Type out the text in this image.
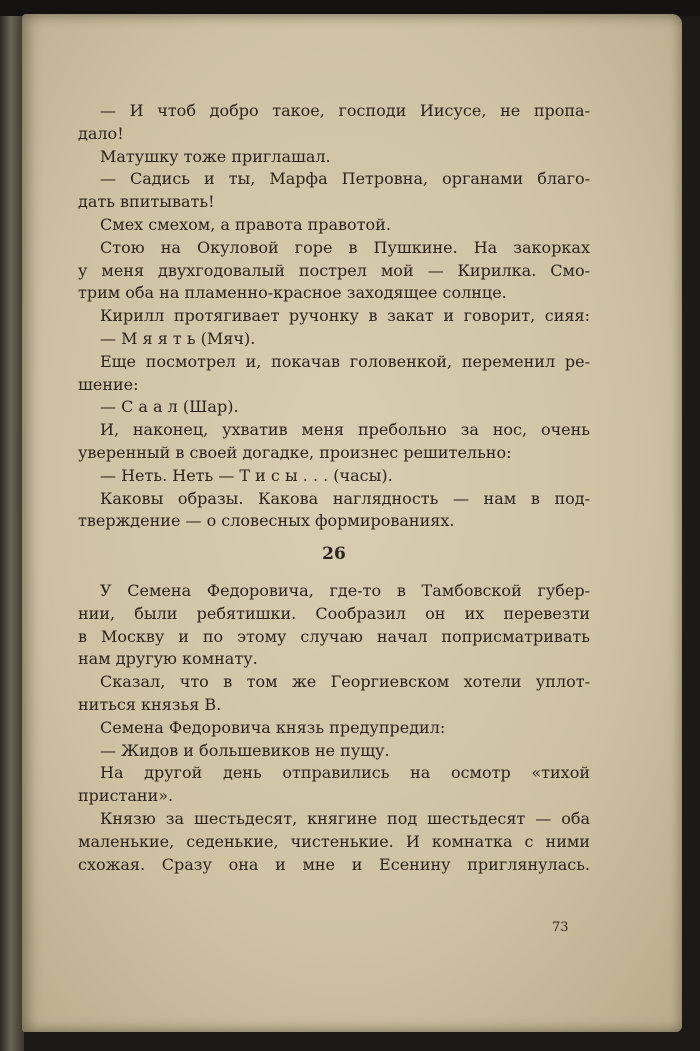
— И чтоб добро такое, господи Иисусе, не пропа-
дало!
Матушку тоже приглашал.
— Садись и ты, Марфа Петровна, органами благо-
дать впитывать!
Смех смехом, а правота правотой.
Стою на Окуловой горе в Пушкине. На закорках
у меня двухгодовалый пострел мой — Кирилка. Смо-
трим оба на пламенно-красное заходящее солнце.
Кирилл протягивает ручонку в закат и говорит, сияя:
— М я я т ь (Мяч).
Еще посмотрел и, покачав головенкой, переменил ре-
шение:
— С а а л (Шар).
И, наконец, ухватив меня пребольно за нос, очень
уверенный в своей догадке, произнес решительно:
— Неть. Неть — Т и с ы . . . (часы).
Каковы образы. Какова наглядность — нам в под-
тверждение — о словесных формированиях.
26
У Семена Федоровича, где-то в Тамбовской губер-
нии, были ребятишки. Сообразил он их перевезти
в Москву и по этому случаю начал поприсматривать
нам другую комнату.
Сказал, что в том же Георгиевском хотели уплот-
ниться князья В.
Семена Федоровича князь предупредил:
— Жидов и большевиков не пущу.
На другой день отправились на осмотр «тихой
пристани».
Князю за шестьдесят, княгине под шестьдесят — оба
маленькие, седенькие, чистенькие. И комнатка с ними
схожая. Сразу она и мне и Есенину приглянулась.
73
